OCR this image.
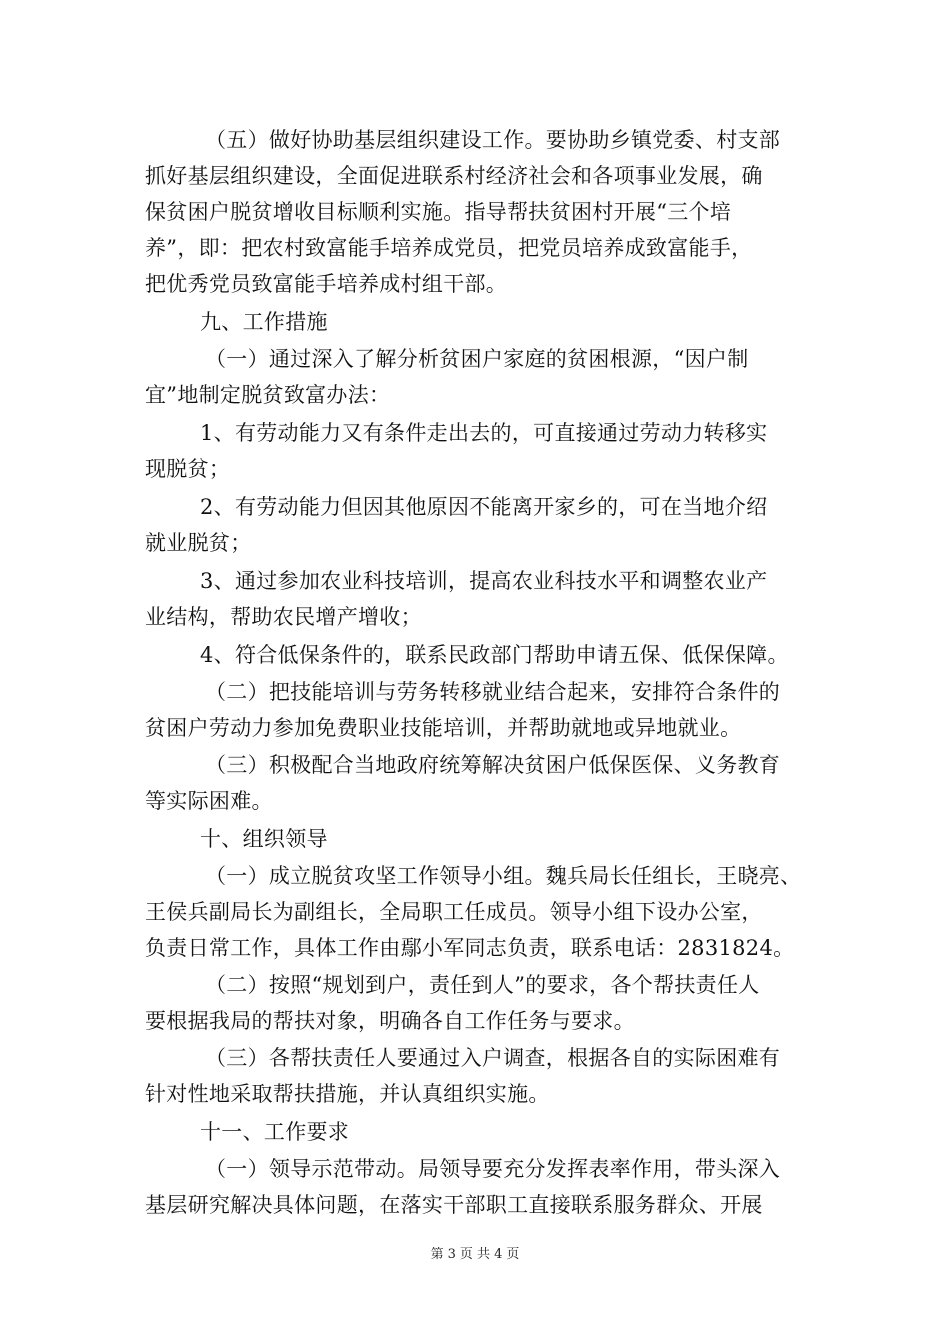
（五）做好协助基层组织建设工作。要协助乡镇党委、村支部
抓好基层组织建设，全面促进联系村经济社会和各项事业发展，确
保贫困户脱贫增收目标顺利实施。指导帮扶贫困村开展“三个培
养”，即：把农村致富能手培养成党员，把党员培养成致富能手，
把优秀党员致富能手培养成村组干部。
九、工作措施
（一）通过深入了解分析贫困户家庭的贫困根源，“因户制
宜”地制定脱贫致富办法：
1、有劳动能力又有条件走出去的，可直接通过劳动力转移实
现脱贫；
2、有劳动能力但因其他原因不能离开家乡的，可在当地介绍
就业脱贫；
3、通过参加农业科技培训，提高农业科技水平和调整农业产
业结构，帮助农民增产增收；
4、符合低保条件的，联系民政部门帮助申请五保、低保保障。
（二）把技能培训与劳务转移就业结合起来，安排符合条件的
贫困户劳动力参加免费职业技能培训，并帮助就地或异地就业。
（三）积极配合当地政府统筹解决贫困户低保医保、义务教育
等实际困难。
十、组织领导
（一）成立脱贫攻坚工作领导小组。魏兵局长任组长，王晓亮、
王侯兵副局长为副组长，全局职工任成员。领导小组下设办公室，
负责日常工作，具体工作由鄢小军同志负责，联系电话：2831824。
（二）按照“规划到户，责任到人”的要求，各个帮扶责任人
要根据我局的帮扶对象，明确各自工作任务与要求。
（三）各帮扶责任人要通过入户调查，根据各自的实际困难有
针对性地采取帮扶措施，并认真组织实施。
十一、工作要求
（一）领导示范带动。局领导要充分发挥表率作用，带头深入
基层研究解决具体问题，在落实干部职工直接联系服务群众、开展
第 3 页 共 4 页
